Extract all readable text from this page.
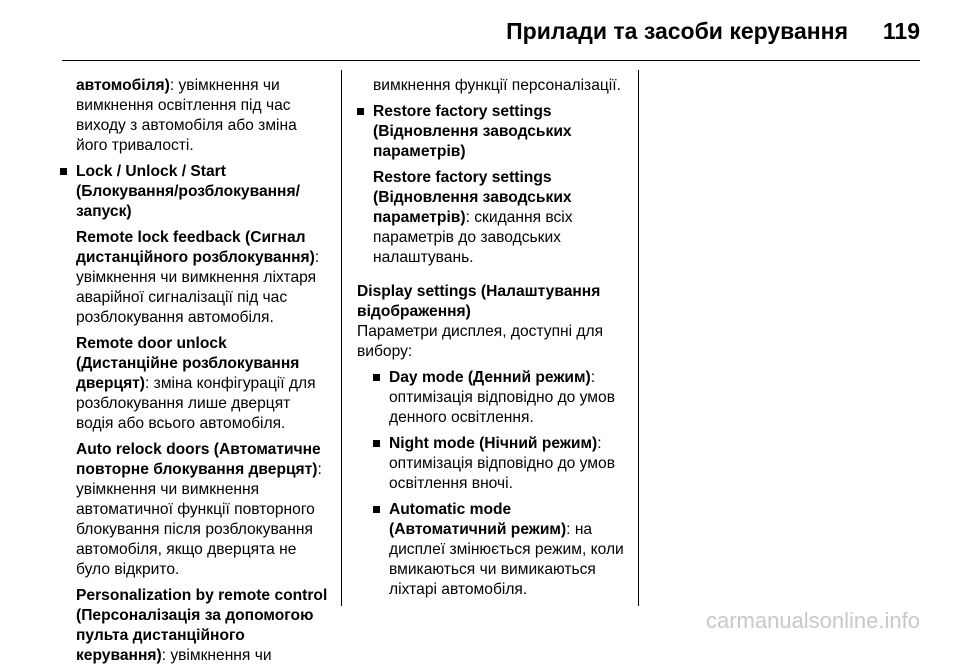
Прилади та засоби керування 119

автомобіля): увімкнення чи вимкнення освітлення під час виходу з автомобіля або зміна його тривалості.

Lock / Unlock / Start (Блокування/розблокування/запуск)

Remote lock feedback (Сигнал дистанційного розблокування): увімкнення чи вимкнення ліхтаря аварійної сигналізації під час розблокування автомобіля.

Remote door unlock (Дистанційне розблокування дверцят): зміна конфігурації для розблокування лише дверцят водія або всього автомобіля.

Auto relock doors (Автоматичне повторне блокування дверцят): увімкнення чи вимкнення автоматичної функції повторного блокування після розблокування автомобіля, якщо дверцята не було відкрито.

Personalization by remote control (Персоналізація за допомогою пульта дистанційного керування): увімкнення чи

вимкнення функції персоналізації.

Restore factory settings (Відновлення заводських параметрів)

Restore factory settings (Відновлення заводських параметрів): скидання всіх параметрів до заводських налаштувань.

Display settings (Налаштування відображення)

Параметри дисплея, доступні для вибору:

Day mode (Денний режим): оптимізація відповідно до умов денного освітлення.

Night mode (Нічний режим): оптимізація відповідно до умов освітлення вночі.

Automatic mode (Автоматичний режим): на дисплеї змінюється режим, коли вмикаються чи вимикаються ліхтарі автомобіля.

carmanualsonline.info
